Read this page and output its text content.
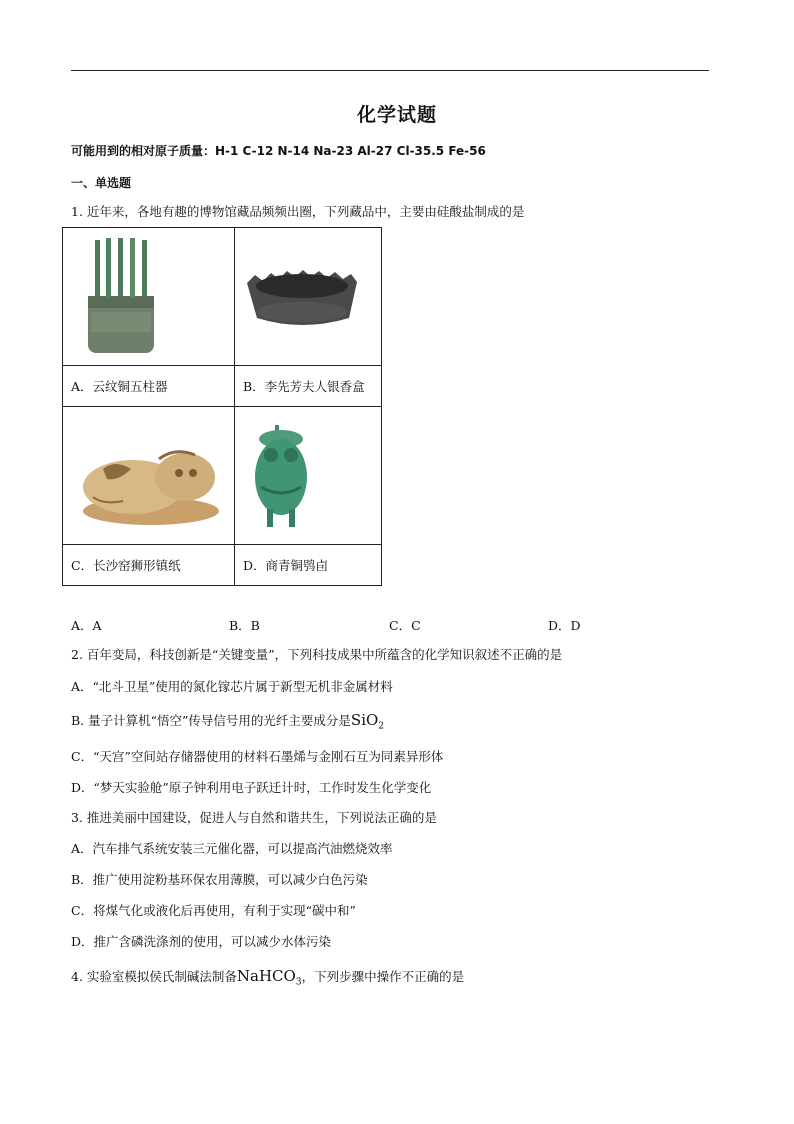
化学试题
可能用到的相对原子质量：H-1 C-12 N-14 Na-23 Al-27 Cl-35.5 Fe-56
一、单选题
1. 近年来，各地有趣的博物馆藏品频频出圈，下列藏品中，主要由硅酸盐制成的是

A．云纹铜五柱器	B．李先芳夫人银香盒

C．长沙窑狮形镇纸	D．商青铜鸮卣
A．A	B．B	C．C	D．D
2. 百年变局，科技创新是“关键变量”，下列科技成果中所蕴含的化学知识叙述不正确的是
A．“北斗卫星”使用的氮化镓芯片属于新型无机非金属材料
B. 量子计算机“悟空”传导信号用的光纤主要成分是SiO$_2$
C．“天宫”空间站存储器使用的材料石墨烯与金刚石互为同素异形体
D．“梦天实验舱”原子钟利用电子跃迁计时，工作时发生化学变化
3. 推进美丽中国建设，促进人与自然和谐共生，下列说法正确的是
A．汽车排气系统安装三元催化器，可以提高汽油燃烧效率
B．推广使用淀粉基环保农用薄膜，可以减少白色污染
C．将煤气化或液化后再使用，有利于实现“碳中和”
D．推广含磷洗涤剂的使用，可以减少水体污染
4. 实验室模拟侯氏制碱法制备NaHCO$_3$，下列步骤中操作不正确的是
